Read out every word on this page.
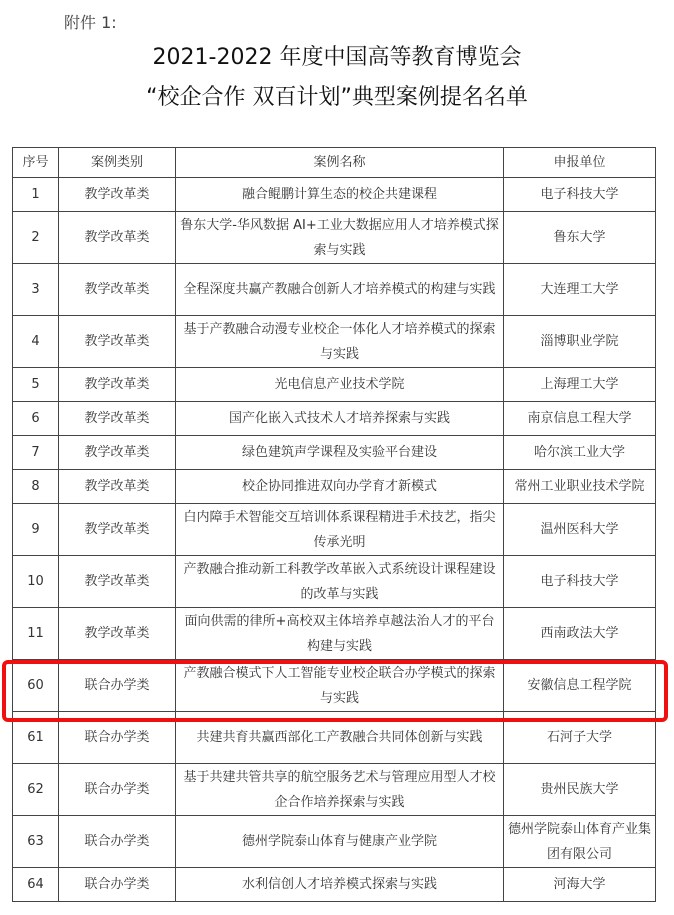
附件 1:
2021-2022 年度中国高等教育博览会
“校企合作 双百计划”典型案例提名名单
序号	案例类别	案例名称	申报单位
1	教学改革类	融合鲲鹏计算生态的校企共建课程	电子科技大学
2	教学改革类	鲁东大学-华风数据 AI+工业大数据应用人才培养模式探索与实践	鲁东大学
3	教学改革类	全程深度共赢产教融合创新人才培养模式的构建与实践	大连理工大学
4	教学改革类	基于产教融合动漫专业校企一体化人才培养模式的探索与实践	淄博职业学院
5	教学改革类	光电信息产业技术学院	上海理工大学
6	教学改革类	国产化嵌入式技术人才培养探索与实践	南京信息工程大学
7	教学改革类	绿色建筑声学课程及实验平台建设	哈尔滨工业大学
8	教学改革类	校企协同推进双向办学育才新模式	常州工业职业技术学院
9	教学改革类	白内障手术智能交互培训体系课程精进手术技艺，指尖传承光明	温州医科大学
10	教学改革类	产教融合推动新工科教学改革嵌入式系统设计课程建设的改革与实践	电子科技大学
11	教学改革类	面向供需的律所+高校双主体培养卓越法治人才的平台构建与实践	西南政法大学
60	联合办学类	产教融合模式下人工智能专业校企联合办学模式的探索与实践	安徽信息工程学院
61	联合办学类	共建共育共赢西部化工产教融合共同体创新与实践	石河子大学
62	联合办学类	基于共建共管共享的航空服务艺术与管理应用型人才校企合作培养探索与实践	贵州民族大学
63	联合办学类	德州学院泰山体育与健康产业学院	德州学院泰山体育产业集团有限公司
64	联合办学类	水利信创人才培养模式探索与实践	河海大学
